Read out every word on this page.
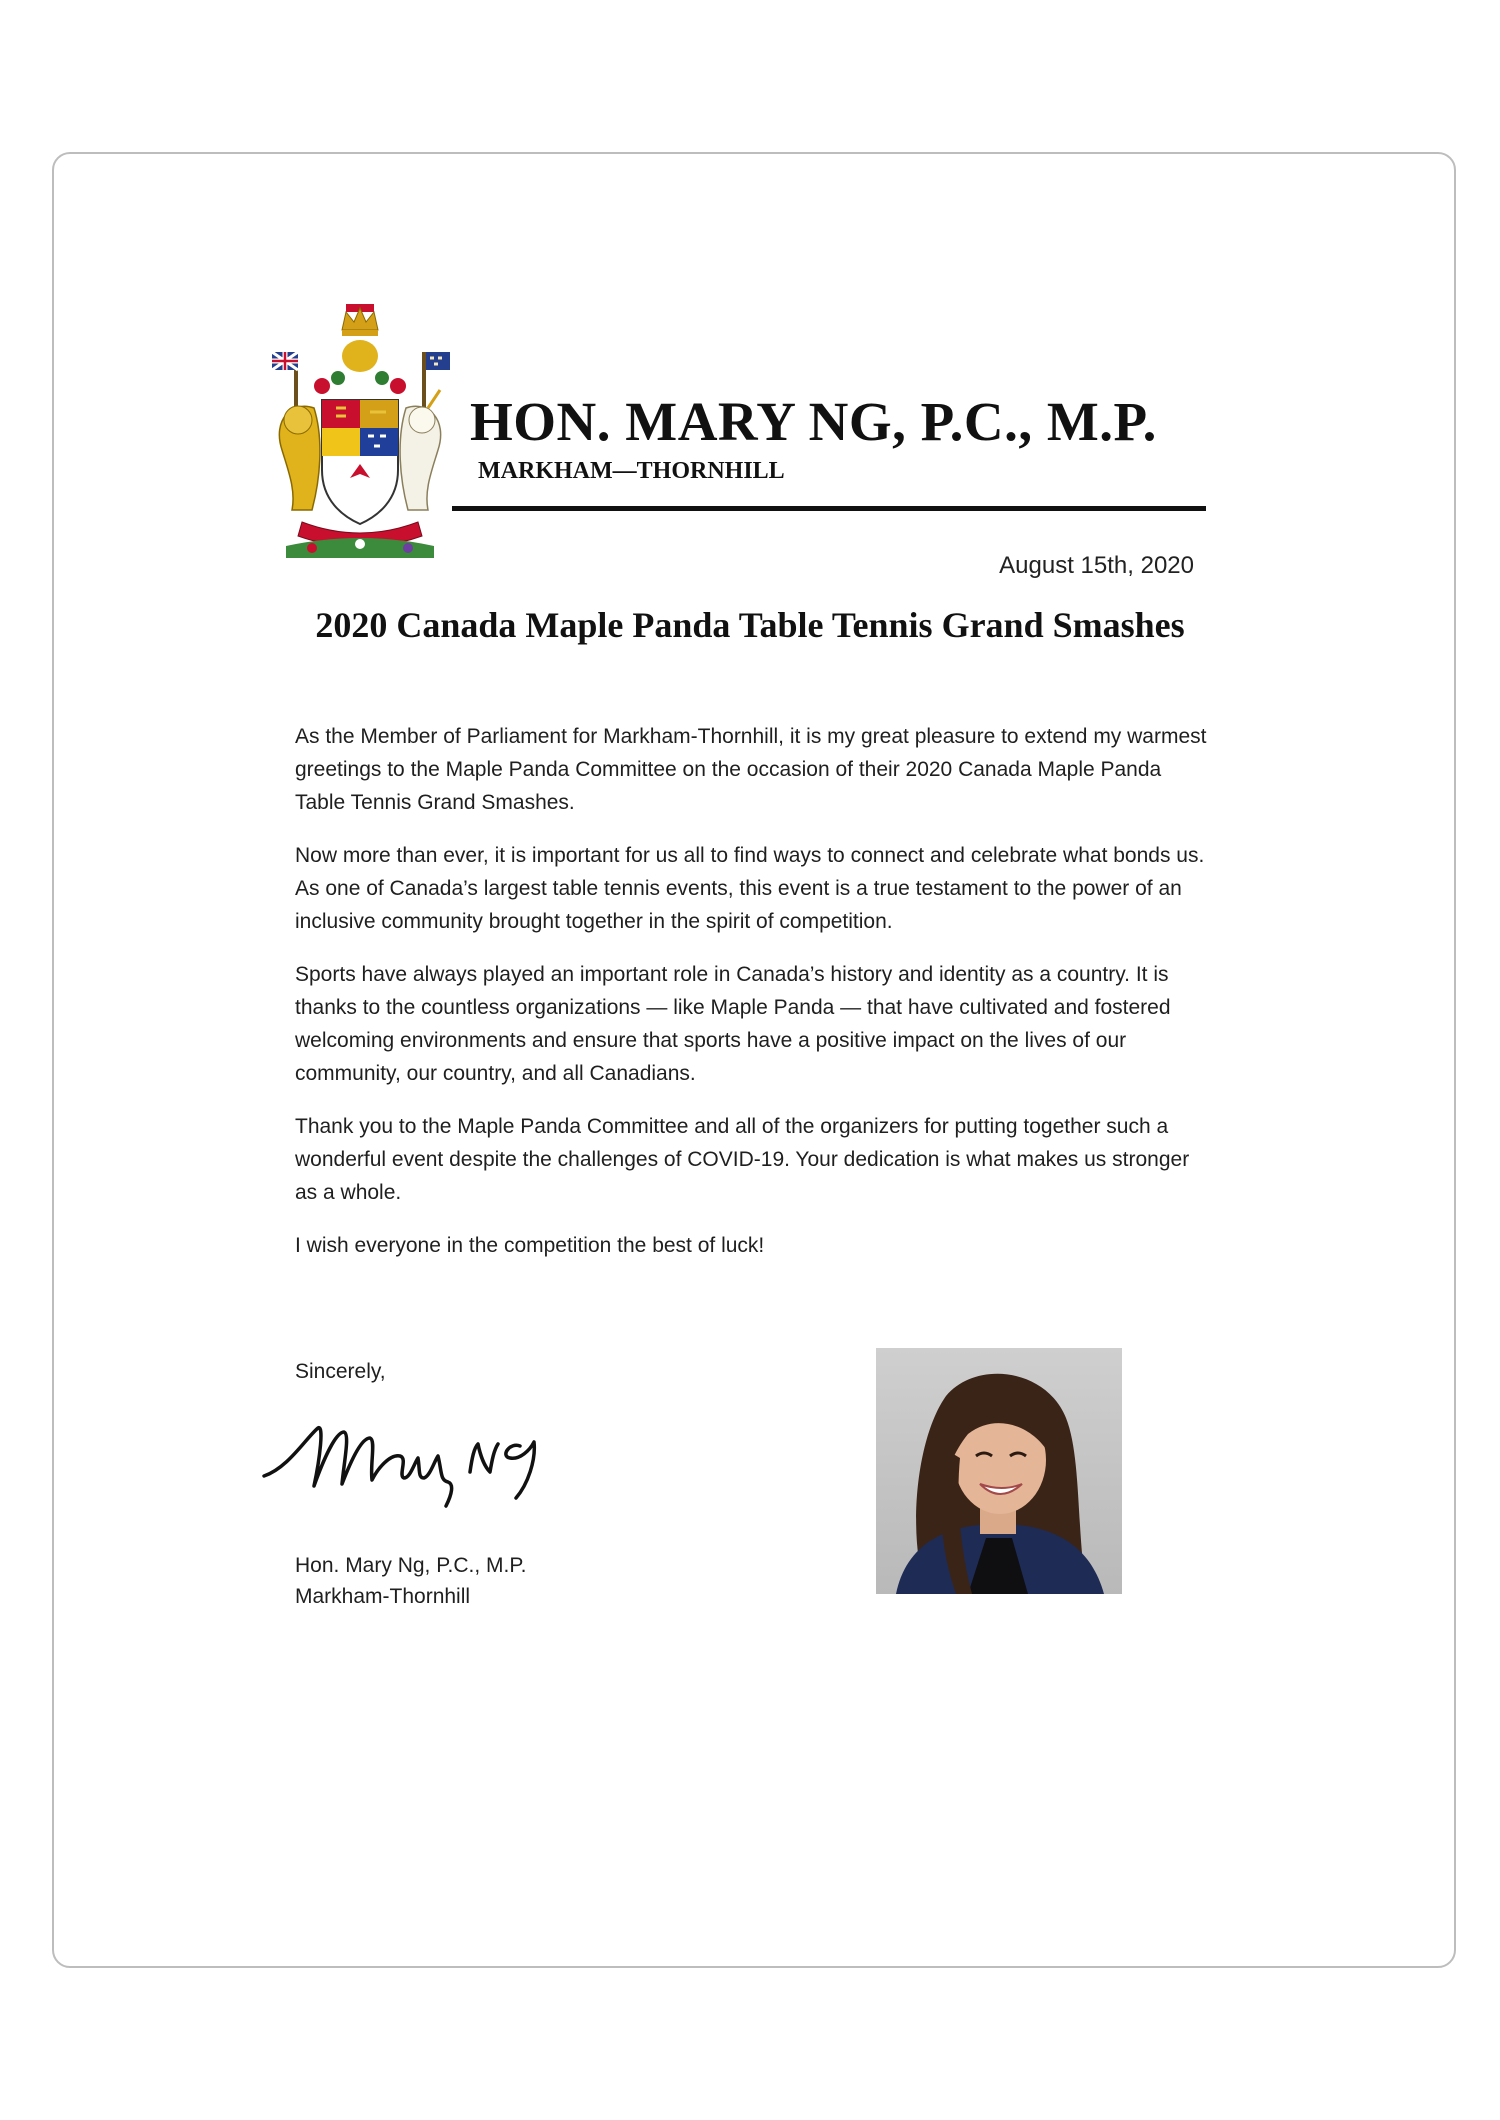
HON. MARY NG, P.C., M.P.
MARKHAM—THORNHILL
August 15th, 2020
2020 Canada Maple Panda Table Tennis Grand Smashes

As the Member of Parliament for Markham-Thornhill, it is my great pleasure to extend my warmest greetings to the Maple Panda Committee on the occasion of their 2020 Canada Maple Panda Table Tennis Grand Smashes.

Now more than ever, it is important for us all to find ways to connect and celebrate what bonds us. As one of Canada’s largest table tennis events, this event is a true testament to the power of an inclusive community brought together in the spirit of competition.

Sports have always played an important role in Canada’s history and identity as a country. It is thanks to the countless organizations — like Maple Panda — that have cultivated and fostered welcoming environments and ensure that sports have a positive impact on the lives of our community, our country, and all Canadians.

Thank you to the Maple Panda Committee and all of the organizers for putting together such a wonderful event despite the challenges of COVID-19. Your dedication is what makes us stronger as a whole.

I wish everyone in the competition the best of luck!

Sincerely,
Hon. Mary Ng, P.C., M.P.
Markham-Thornhill
